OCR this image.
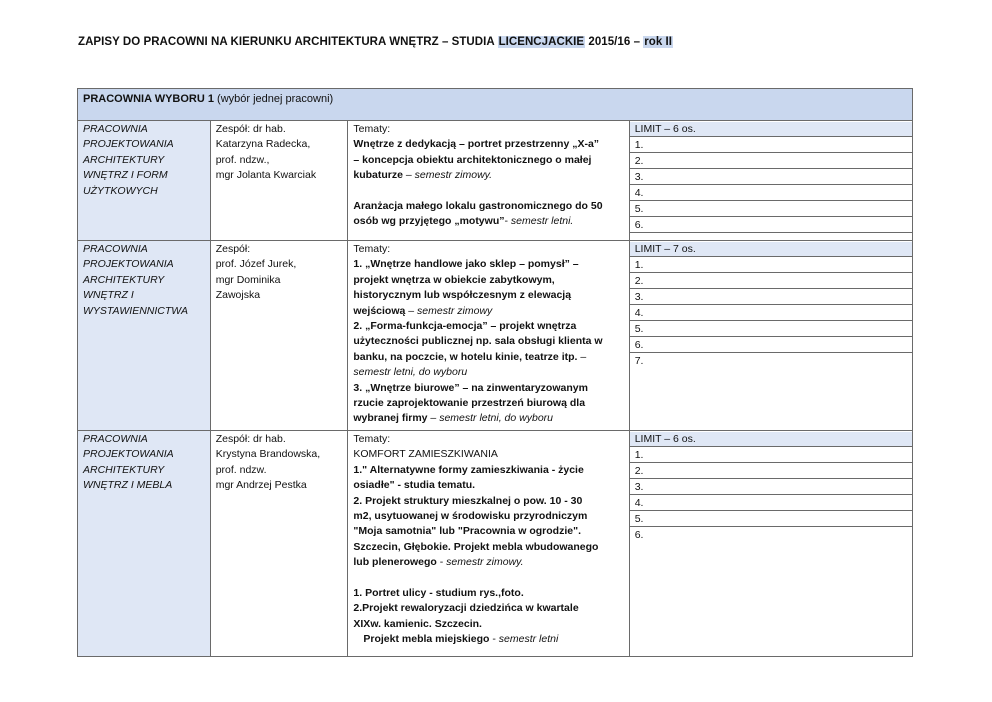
ZAPISY DO PRACOWNI NA KIERUNKU ARCHITEKTURA WNĘTRZ – STUDIA LICENCJACKIE 2015/16 – rok II
PRACOWNIA WYBORU 1 (wybór jednej pracowni)
PRACOWNIA
PROJEKTOWANIA
ARCHITEKTURY
WNĘTRZ I FORM
UŻYTKOWYCH
Zespół: dr hab.
Katarzyna Radecka,
prof. ndzw.,
mgr Jolanta Kwarciak
Tematy:
Wnętrze z dedykacją – portret przestrzenny „X-a”
– koncepcja obiektu architektonicznego o małej
kubaturze – semestr zimowy.
Aranżacja małego lokalu gastronomicznego do 50
osób wg przyjętego „motywu”- semestr letni.
LIMIT – 6 os.
1.
2.
3.
4.
5.
6.
PRACOWNIA
PROJEKTOWANIA
ARCHITEKTURY
WNĘTRZ I
WYSTAWIENNICTWA
Zespół:
prof. Józef Jurek,
mgr Dominika
Zawojska
Tematy:
1. „Wnętrze handlowe jako sklep – pomysł” –
projekt wnętrza w obiekcie zabytkowym,
historycznym lub współczesnym z elewacją
wejściową – semestr zimowy
2. „Forma-funkcja-emocja” – projekt wnętrza
użyteczności publicznej np. sala obsługi klienta w
banku, na poczcie, w hotelu kinie, teatrze itp. –
semestr letni, do wyboru
3. „Wnętrze biurowe” – na zinwentaryzowanym
rzucie zaprojektowanie przestrzeń biurową dla
wybranej firmy – semestr letni, do wyboru
LIMIT – 7 os.
1.
2.
3.
4.
5.
6.
7.
PRACOWNIA
PROJEKTOWANIA
ARCHITEKTURY
WNĘTRZ I MEBLA
Zespół: dr hab.
Krystyna Brandowska,
prof. ndzw.
mgr Andrzej Pestka
Tematy:
KOMFORT ZAMIESZKIWANIA
1." Alternatywne formy zamieszkiwania - życie
osiadłe" - studia tematu.
2. Projekt struktury mieszkalnej o pow. 10 - 30
m2, usytuowanej w środowisku przyrodniczym
"Moja samotnia" lub "Pracownia w ogrodzie".
Szczecin, Głębokie. Projekt mebla wbudowanego
lub plenerowego - semestr zimowy.
1. Portret ulicy - studium rys.,foto.
2.Projekt rewaloryzacji dziedzińca w kwartale
XIXw. kamienic. Szczecin.
Projekt mebla miejskiego - semestr letni
LIMIT – 6 os.
1.
2.
3.
4.
5.
6.
